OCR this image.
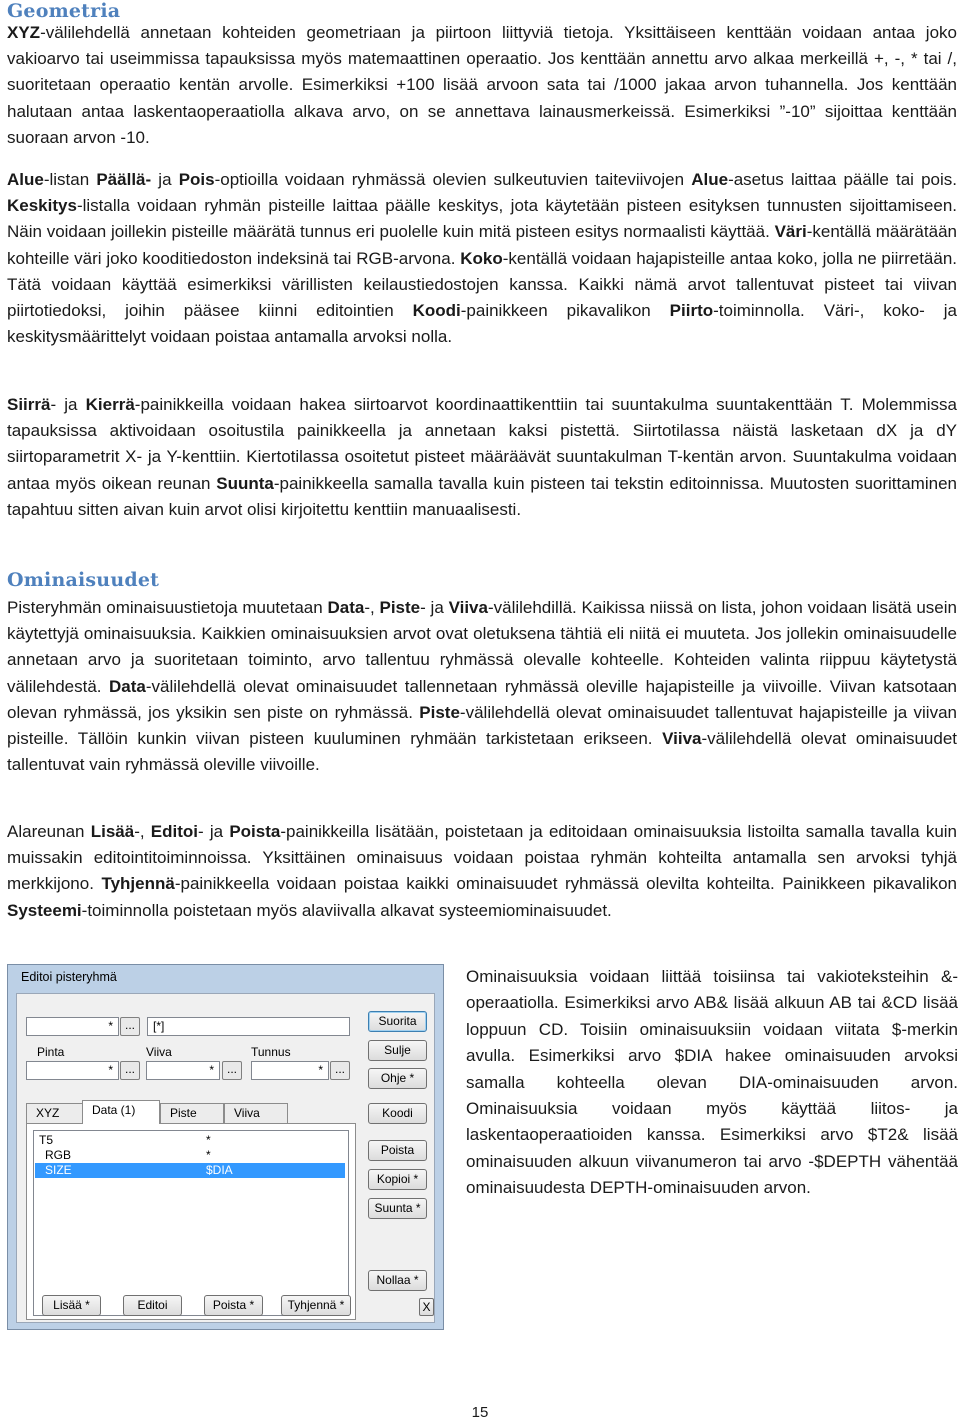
Geometria

XYZ-välilehdellä annetaan kohteiden geometriaan ja piirtoon liittyviä tietoja. Yksittäiseen kenttään voidaan antaa joko vakioarvo tai useimmissa tapauksissa myös matemaattinen operaatio. Jos kenttään annettu arvo alkaa merkeillä +, -, * tai /, suoritetaan operaatio kentän arvolle. Esimerkiksi +100 lisää arvoon sata tai /1000 jakaa arvon tuhannella. Jos kenttään halutaan antaa laskentaoperaatiolla alkava arvo, on se annettava lainausmerkeissä. Esimerkiksi ”-10” sijoittaa kenttään suoraan arvon -10.

Alue-listan Päällä- ja Pois-optioilla voidaan ryhmässä olevien sulkeutuvien taiteviivojen Alue-asetus laittaa päälle tai pois. Keskitys-listalla voidaan ryhmän pisteille laittaa päälle keskitys, jota käytetään pisteen esityksen tunnusten sijoittamiseen. Näin voidaan joillekin pisteille määrätä tunnus eri puolelle kuin mitä pisteen esitys normaalisti käyttää. Väri-kentällä määrätään kohteille väri joko kooditiedoston indeksinä tai RGB-arvona. Koko-kentällä voidaan hajapisteille antaa koko, jolla ne piirretään. Tätä voidaan käyttää esimerkiksi värillisten keilaustiedostojen kanssa. Kaikki nämä arvot tallentuvat pisteet tai viivan piirtotiedoksi, joihin pääsee kiinni editointien Koodi-painikkeen pikavalikon Piirto-toiminnolla. Väri-, koko- ja keskitysmäärittelyt voidaan poistaa antamalla arvoksi nolla.

Siirrä- ja Kierrä-painikkeilla voidaan hakea siirtoarvot koordinaattikenttiin tai suuntakulma suuntakenttään T. Molemmissa tapauksissa aktivoidaan osoitustila painikkeella ja annetaan kaksi pistettä. Siirtotilassa näistä lasketaan dX ja dY siirtoparametrit X- ja Y-kenttiin. Kiertotilassa osoitetut pisteet määräävät suuntakulman T-kentän arvon. Suuntakulma voidaan antaa myös oikean reunan Suunta-painikkeella samalla tavalla kuin pisteen tai tekstin editoinnissa. Muutosten suorittaminen tapahtuu sitten aivan kuin arvot olisi kirjoitettu kenttiin manuaalisesti.

Ominaisuudet

Pisteryhmän ominaisuustietoja muutetaan Data-, Piste- ja Viiva-välilehdillä. Kaikissa niissä on lista, johon voidaan lisätä usein käytettyjä ominaisuuksia. Kaikkien ominaisuuksien arvot ovat oletuksena tähtiä eli niitä ei muuteta. Jos jollekin ominaisuudelle annetaan arvo ja suoritetaan toiminto, arvo tallentuu ryhmässä olevalle kohteelle. Kohteiden valinta riippuu käytetystä välilehdestä. Data-välilehdellä olevat ominaisuudet tallennetaan ryhmässä oleville hajapisteille ja viivoille. Viivan katsotaan olevan ryhmässä, jos yksikin sen piste on ryhmässä. Piste-välilehdellä olevat ominaisuudet tallentuvat hajapisteille ja viivan pisteille. Tällöin kunkin viivan pisteen kuuluminen ryhmään tarkistetaan erikseen. Viiva-välilehdellä olevat ominaisuudet tallentuvat vain ryhmässä oleville viivoille.

Alareunan Lisää-, Editoi- ja Poista-painikkeilla lisätään, poistetaan ja editoidaan ominaisuuksia listoilta samalla tavalla kuin muissakin editointitoiminnoissa. Yksittäinen ominaisuus voidaan poistaa ryhmän kohteilta antamalla sen arvoksi tyhjä merkkijono. Tyhjennä-painikkeella voidaan poistaa kaikki ominaisuudet ryhmässä olevilta kohteilta. Painikkeen pikavalikon Systeemi-toiminnolla poistetaan myös alaviivalla alkavat systeemiominaisuudet.

Editoi pisteryhmä
* ...	[*]
Pinta	Viiva	Tunnus
* ...	*	...	* ...
XYZ	Data (1)	Piste	Viiva
T5	*
RGB	*
SIZE	$DIA
Suorita
Sulje
Ohje *
Koodi
Poista
Kopioi *
Suunta *
Nollaa *
Lisää *	Editoi	Poista *	Tyhjennä *	X

Ominaisuuksia voidaan liittää toisiinsa tai vakioteksteihin &-operaatiolla. Esimerkiksi arvo AB& lisää alkuun AB tai &CD lisää loppuun CD. Toisiin ominaisuuksiin voidaan viitata $-merkin avulla. Esimerkiksi arvo $DIA hakee ominaisuuden arvoksi samalla kohteella olevan DIA-ominaisuuden arvon. Ominaisuuksia voidaan myös käyttää liitos- ja laskentaoperaatioiden kanssa. Esimerkiksi arvo $T2& lisää ominaisuuden alkuun viivanumeron tai arvo -$DEPTH vähentää ominaisuudesta DEPTH-ominaisuuden arvon.

15
